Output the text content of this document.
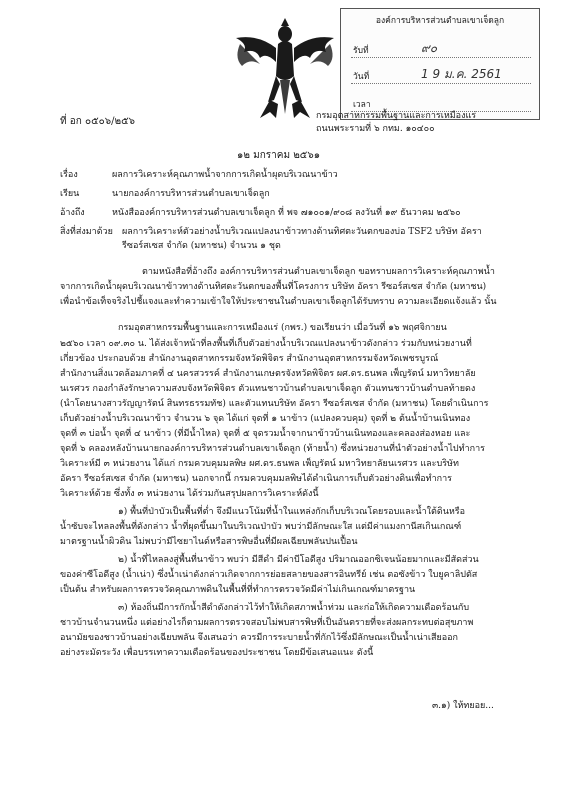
องค์การบริหารส่วนตำบลเขาเจ็ดลูก
รับที่	๙๐
วันที่	1 9 ม.ค. 2561
เวลา
ที่ อก ๐๕๐๖/๒๕๖	กรมอุตสาหกรรมพื้นฐานและการเหมืองแร่
ถนนพระรามที่ ๖ กทม. ๑๐๔๐๐
๑๒ มกราคม ๒๕๖๑
เรื่อง	ผลการวิเคราะห์คุณภาพน้ำจากการเกิดน้ำผุดบริเวณนาข้าว
เรียน	นายกองค์การบริหารส่วนตำบลเขาเจ็ดลูก
อ้างถึง	หนังสือองค์การบริหารส่วนตำบลเขาเจ็ดลูก ที่ พจ ๗๑๐๐๑/๙๐๘ ลงวันที่ ๑๙ ธันวาคม ๒๕๖๐
สิ่งที่ส่งมาด้วย ผลการวิเคราะห์ตัวอย่างน้ำบริเวณแปลงนาข้าวทางด้านทิศตะวันตกของบ่อ TSF2 บริษัท อัครา
รีซอร์สเซส จำกัด (มหาชน) จำนวน ๑ ชุด
ตามหนังสือที่อ้างถึง องค์การบริหารส่วนตำบลเขาเจ็ดลูก ขอทราบผลการวิเคราะห์คุณภาพน้ำ
จากการเกิดน้ำผุดบริเวณนาข้าวทางด้านทิศตะวันตกของพื้นที่โครงการ บริษัท อัครา รีซอร์สเซส จำกัด (มหาชน)
เพื่อนำข้อเท็จจริงไปชี้แจงและทำความเข้าใจให้ประชาชนในตำบลเขาเจ็ดลูกได้รับทราบ ความละเอียดแจ้งแล้ว นั้น
กรมอุตสาหกรรมพื้นฐานและการเหมืองแร่ (กพร.) ขอเรียนว่า เมื่อวันที่ ๑๖ พฤศจิกายน
๒๕๖๐ เวลา ๐๙.๓๐ น. ได้ส่งเจ้าหน้าที่ลงพื้นที่เก็บตัวอย่างน้ำบริเวณแปลงนาข้าวดังกล่าว ร่วมกับหน่วยงานที่
เกี่ยวข้อง ประกอบด้วย สำนักงานอุตสาหกรรมจังหวัดพิจิตร สำนักงานอุตสาหกรรมจังหวัดเพชรบูรณ์
สำนักงานสิ่งแวดล้อมภาคที่ ๔ นครสวรรค์ สำนักงานเกษตรจังหวัดพิจิตร ผศ.ดร.ธนพล เพ็ญรัตน์ มหาวิทยาลัย
นเรศวร กองกำลังรักษาความสงบจังหวัดพิจิตร ตัวแทนชาวบ้านตำบลเขาเจ็ดลูก ตัวแทนชาวบ้านตำบลท้ายดง
(นำโดยนางสาวรัญญารัตน์ สินทรธรรมทัช) และตัวแทนบริษัท อัครา รีซอร์สเซส จำกัด (มหาชน) โดยดำเนินการ
เก็บตัวอย่างน้ำบริเวณนาข้าว จำนวน ๖ จุด ได้แก่ จุดที่ ๑ นาข้าว (แปลงควบคุม) จุดที่ ๒ ต้นน้ำบ้านเนินทอง
จุดที่ ๓ บ่อน้ำ จุดที่ ๔ นาข้าว (ที่มีน้ำไหล) จุดที่ ๕ จุดรวมน้ำจากนาข้าวบ้านเนินทองและคลองส่องหอย และ
จุดที่ ๖ คลองหลังบ้านนายกองค์การบริหารส่วนตำบลเขาเจ็ดลูก (ท้ายน้ำ) ซึ่งหน่วยงานที่นำตัวอย่างน้ำไปทำการ
วิเคราะห์มี ๓ หน่วยงาน ได้แก่ กรมควบคุมมลพิษ ผศ.ดร.ธนพล เพ็ญรัตน์ มหาวิทยาลัยนเรศวร และบริษัท
อัครา รีซอร์สเซส จำกัด (มหาชน) นอกจากนี้ กรมควบคุมมลพิษได้ดำเนินการเก็บตัวอย่างดินเพื่อทำการ
วิเคราะห์ด้วย ซึ่งทั้ง ๓ หน่วยงาน ได้ร่วมกันสรุปผลการวิเคราะห์ดังนี้
๑) พื้นที่ป่าบัวเป็นพื้นที่ต่ำ จึงมีแนวโน้มที่น้ำในแหล่งกักเก็บบริเวณโดยรอบและน้ำใต้ดินหรือ
น้ำซับจะไหลลงพื้นที่ดังกล่าว น้ำที่ผุดขึ้นมาในบริเวณป่าบัว พบว่ามีลักษณะใส แต่มีค่าแมงกานีสเกินเกณฑ์
มาตรฐานน้ำผิวดิน ไม่พบว่ามีไซยาไนด์หรือสารพิษอื่นที่มีผลเฉียบพลันปนเปื้อน
๒) น้ำที่ไหลลงสู่พื้นที่นาข้าว พบว่า มีสีดำ มีค่าบีโอดีสูง ปริมาณออกซิเจนน้อยมากและมีสัดส่วน
ของค่าซีโอดีสูง (น้ำเน่า) ซึ่งน้ำเน่าดังกล่าวเกิดจากการย่อยสลายของสารอินทรีย์ เช่น ตอซังข้าว ใบยูคาลิปตัส
เป็นต้น สำหรับผลการตรวจวัดคุณภาพดินในพื้นที่ที่ทำการตรวจวัดมีค่าไม่เกินเกณฑ์มาตรฐาน
๓) ห้องถิ่นมีการกักน้ำสีดำดังกล่าวไว้ทำให้เกิดสภาพน้ำท่วม และก่อให้เกิดความเดือดร้อนกับ
ชาวบ้านจำนวนหนึ่ง แต่อย่างไรก็ตามผลการตรวจสอบไม่พบสารพิษที่เป็นอันตรายที่จะส่งผลกระทบต่อสุขภาพ
อนามัยของชาวบ้านอย่างเฉียบพลัน จึงเสนอว่า ควรมีการระบายน้ำที่กักไว้ซึ่งมีลักษณะเป็นน้ำเน่าเสียออก
อย่างระมัดระวัง เพื่อบรรเทาความเดือดร้อนของประชาชน โดยมีข้อเสนอแนะ ดังนี้
๓.๑) ให้ทยอย...
